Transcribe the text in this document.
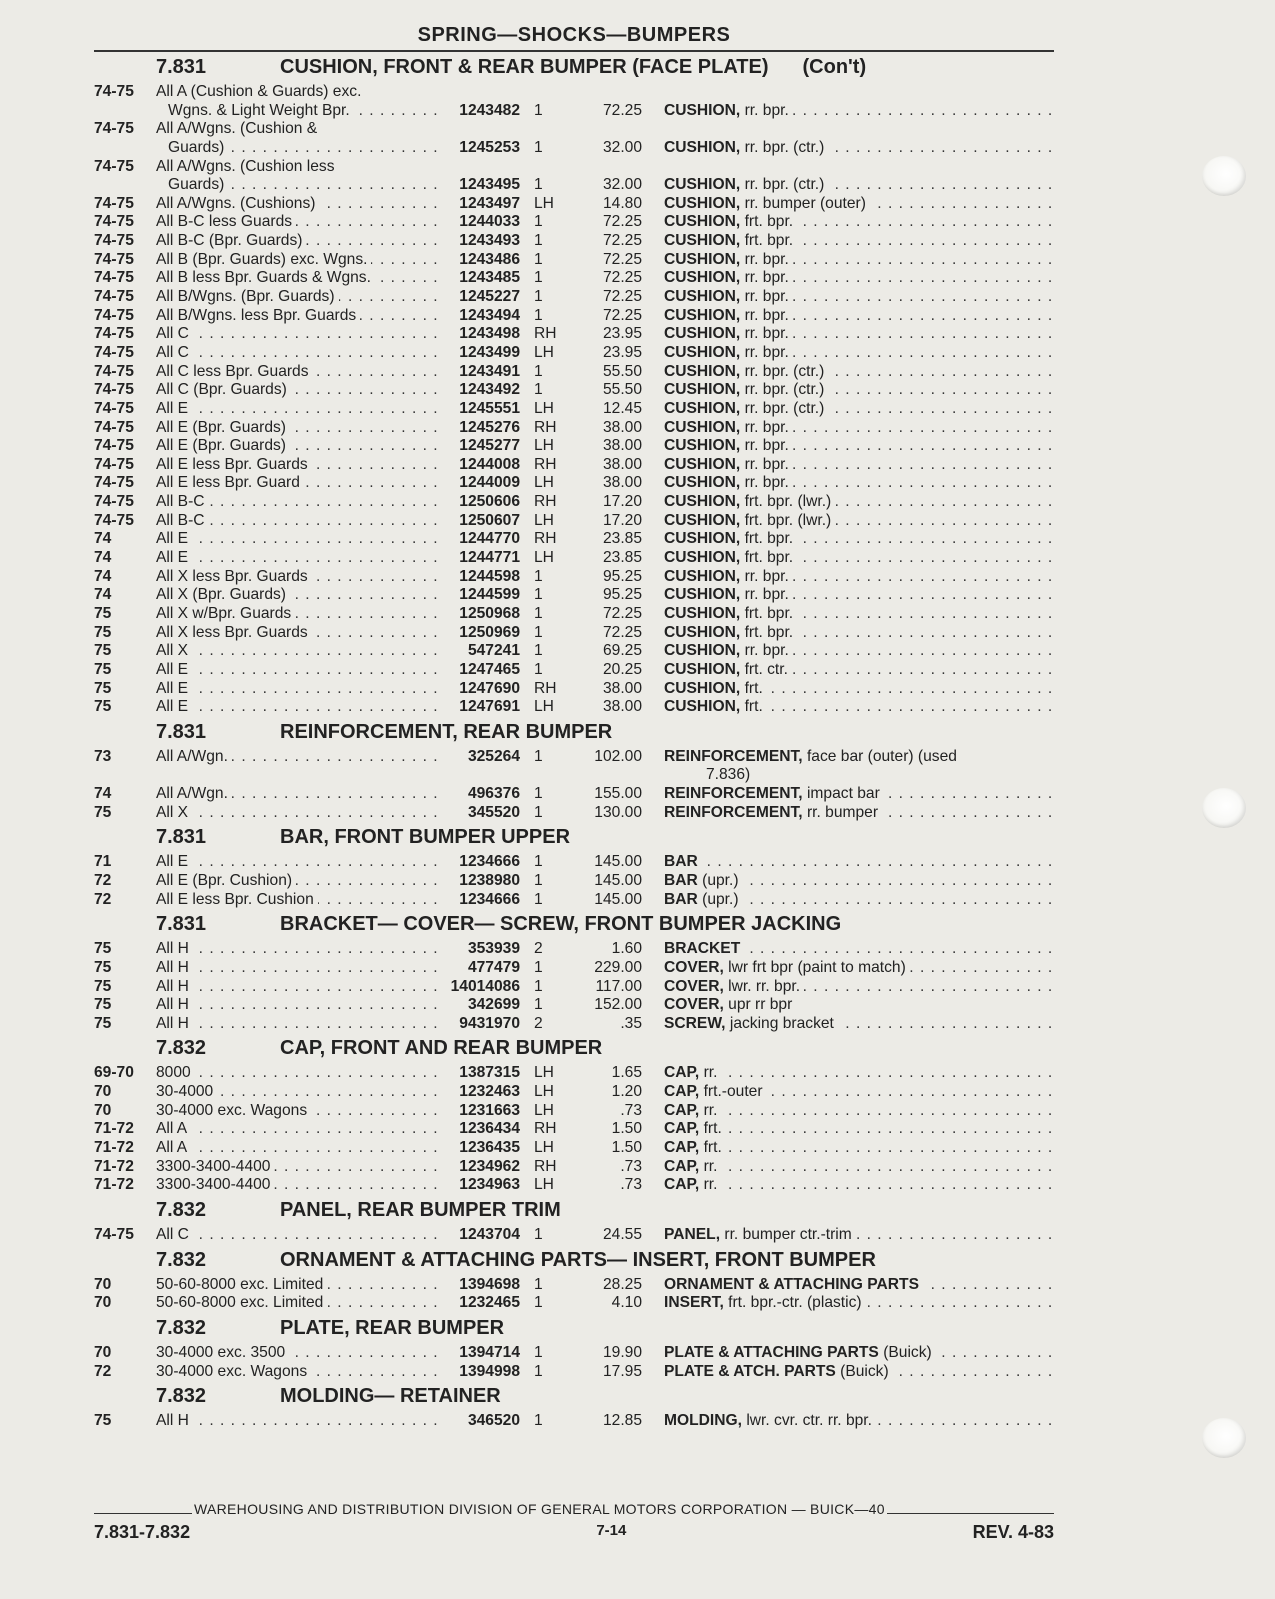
SPRING—SHOCKS—BUMPERS
7.831	CUSHION, FRONT & REAR BUMPER (FACE PLATE) (Con't)
74-75	All A (Cushion & Guards) exc.
Wgns. & Light Weight Bpr. . . .	1243482 1	72.25	CUSHION, rr. bpr. . . .
74-75	All A/Wgns. (Cushion &
Guards) . . .	1245253 1	32.00	CUSHION, rr. bpr. (ctr.) . . .
74-75	All A/Wgns. (Cushion less
Guards) . . .	1243495 1	32.00	CUSHION, rr. bpr. (ctr.) . . .
74-75	All A/Wgns. (Cushions) . . .	1243497 LH	14.80	CUSHION, rr. bumper (outer) . . .
74-75	All B-C less Guards . . .	1244033 1	72.25	CUSHION, frt. bpr. . . .
74-75	All B-C (Bpr. Guards) . . .	1243493 1	72.25	CUSHION, frt. bpr. . . .
74-75	All B (Bpr. Guards) exc. Wgns. . . .	1243486 1	72.25	CUSHION, rr. bpr. . . .
74-75	All B less Bpr. Guards & Wgns. . . .	1243485 1	72.25	CUSHION, rr. bpr. . . .
74-75	All B/Wgns. (Bpr. Guards) . . .	1245227 1	72.25	CUSHION, rr. bpr. . . .
74-75	All B/Wgns. less Bpr. Guards . . .	1243494 1	72.25	CUSHION, rr. bpr. . . .
74-75	All C . . .	1243498 RH	23.95	CUSHION, rr. bpr. . . .
74-75	All C . . .	1243499 LH	23.95	CUSHION, rr. bpr. . . .
74-75	All C less Bpr. Guards . . .	1243491 1	55.50	CUSHION, rr. bpr. (ctr.) . . .
74-75	All C (Bpr. Guards) . . .	1243492 1	55.50	CUSHION, rr. bpr. (ctr.) . . .
74-75	All E . . .	1245551 LH	12.45	CUSHION, rr. bpr. (ctr.) . . .
74-75	All E (Bpr. Guards) . . .	1245276 RH	38.00	CUSHION, rr. bpr. . . .
74-75	All E (Bpr. Guards) . . .	1245277 LH	38.00	CUSHION, rr. bpr. . . .
74-75	All E less Bpr. Guards . . .	1244008 RH	38.00	CUSHION, rr. bpr. . . .
74-75	All E less Bpr. Guard . . .	1244009 LH	38.00	CUSHION, rr. bpr. . . .
74-75	All B-C . . .	1250606 RH	17.20	CUSHION, frt. bpr. (lwr.) . . .
74-75	All B-C . . .	1250607 LH	17.20	CUSHION, frt. bpr. (lwr.) . . .
74	All E . . .	1244770 RH	23.85	CUSHION, frt. bpr. . . .
74	All E . . .	1244771 LH	23.85	CUSHION, frt. bpr. . . .
74	All X less Bpr. Guards . . .	1244598 1	95.25	CUSHION, rr. bpr. . . .
74	All X (Bpr. Guards) . . .	1244599 1	95.25	CUSHION, rr. bpr. . . .
75	All X w/Bpr. Guards . . .	1250968 1	72.25	CUSHION, frt. bpr. . . .
75	All X less Bpr. Guards . . .	1250969 1	72.25	CUSHION, frt. bpr. . . .
75	All X . . .	547241 1	69.25	CUSHION, rr. bpr. . . .
75	All E . . .	1247465 1	20.25	CUSHION, frt. ctr. . . .
75	All E . . .	1247690 RH	38.00	CUSHION, frt. . . .
75	All E . . .	1247691 LH	38.00	CUSHION, frt. . . .
7.831	REINFORCEMENT, REAR BUMPER
73	All A/Wgn. . . .	325264 1	102.00	REINFORCEMENT, face bar (outer) (used
7.836)
74	All A/Wgn. . . .	496376 1	155.00	REINFORCEMENT, impact bar . . .
75	All X . . .	345520 1	130.00	REINFORCEMENT, rr. bumper . . .
7.831	BAR, FRONT BUMPER UPPER
71	All E . . .	1234666 1	145.00	BAR . . .
72	All E (Bpr. Cushion) . . .	1238980 1	145.00	BAR (upr.) . . .
72	All E less Bpr. Cushion . . .	1234666 1	145.00	BAR (upr.) . . .
7.831	BRACKET— COVER— SCREW, FRONT BUMPER JACKING
75	All H . . .	353939 2	1.60	BRACKET . . .
75	All H . . .	477479 1	229.00	COVER, lwr frt bpr (paint to match) . . .
75	All H . . .	14014086 1	117.00	COVER, lwr. rr. bpr. . . .
75	All H . . .	342699 1	152.00	COVER, upr rr bpr
75	All H . . .	9431970 2	.35	SCREW, jacking bracket . . .
7.832	CAP, FRONT AND REAR BUMPER
69-70	8000 . . .	1387315 LH	1.65	CAP, rr. . . .
70	30-4000 . . .	1232463 LH	1.20	CAP, frt.-outer . . .
70	30-4000 exc. Wagons . . .	1231663 LH	.73	CAP, rr. . . .
71-72	All A . . .	1236434 RH	1.50	CAP, frt. . . .
71-72	All A . . .	1236435 LH	1.50	CAP, frt. . . .
71-72	3300-3400-4400 . . .	1234962 RH	.73	CAP, rr. . . .
71-72	3300-3400-4400 . . .	1234963 LH	.73	CAP, rr. . . .
7.832	PANEL, REAR BUMPER TRIM
74-75	All C . . .	1243704 1	24.55	PANEL, rr. bumper ctr.-trim . . .
7.832	ORNAMENT & ATTACHING PARTS— INSERT, FRONT BUMPER
70	50-60-8000 exc. Limited . . .	1394698 1	28.25	ORNAMENT & ATTACHING PARTS . . .
70	50-60-8000 exc. Limited . . .	1232465 1	4.10	INSERT, frt. bpr.-ctr. (plastic) . . .
7.832	PLATE, REAR BUMPER
70	30-4000 exc. 3500 . . .	1394714 1	19.90	PLATE & ATTACHING PARTS (Buick) . . .
72	30-4000 exc. Wagons . . .	1394998 1	17.95	PLATE & ATCH. PARTS (Buick) . . .
7.832	MOLDING— RETAINER
75	All H . . .	346520 1	12.85	MOLDING, lwr. cvr. ctr. rr. bpr. . . .
WAREHOUSING AND DISTRIBUTION DIVISION OF GENERAL MOTORS CORPORATION — BUICK—40
7.831-7.832	7-14	REV. 4-83
